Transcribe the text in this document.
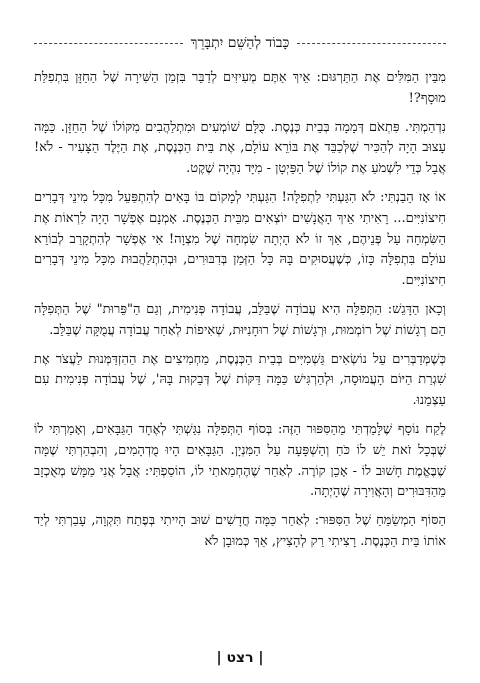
כָּבוֹד לְהַשֵּׁם יִתְבָּרֵךְ

מִבֵּין הַמִּלִּים אֶת הַתַּרְגּוּם: אֵיךְ אַתֶּם מְעִיזִּים לְדַבֵּר בִּזְמַן הַשִּׁירָה שֶׁל הַחַזָּן בִּתְפִלַּת מוּסָף?!

נִדְהַמְתִּי. פִּתְאֹם דְּמָמָה בְּבֵית כְּנֶסֶת. כֻּלָּם שׁוֹמְעִים וּמִתְלַהֲבִים מִקּוֹלוֹ שֶׁל הַחַזָּן. כַּמָּה עָצוּב הָיָה לְהַכִּיר שֶׁלְּכַבֵּד אֶת בּוֹרֵא עוֹלָם, אֶת בֵּית הַכְּנֶסֶת, אֶת הַיֶּלֶד הַצָּעִיר - לֹא! אֲבָל כְּדֵי לִשְׁמֹעַ אֶת קוֹלוֹ שֶׁל הַפַּיְטָן - מִיָּד נִהְיָה שֶׁקֶט.

אוֹ אָז הֵבַנְתִּי: לֹא הִגַּעְתִּי לִתְפִלָּה! הִגַּעְתִּי לְמָקוֹם בּוֹ בָּאִים לְהִתְפַּעֵל מִכָּל מִינֵי דְּבָרִים חִיצוֹנִיִּים... רָאִיתִי אֵיךְ הָאֲנָשִׁים יוֹצְאִים מִבֵּית הַכְּנֶסֶת. אָמְנָם אֶפְשָׁר הָיָה לִרְאוֹת אֶת הַשִּׂמְחָה עַל פְּנֵיהֶם, אַךְ זוֹ לֹא הָיְתָה שִׂמְחָה שֶׁל מִצְוָה! אִי אֶפְשָׁר לְהִתְקָרֵב לְבוֹרֵא עוֹלָם בִּתְפִלָּה כָּזוֹ, כְּשֶׁעֲסוּקִים בָּהּ כָּל הַזְּמַן בְּדִבּוּרִים, וּבְהִתְלַהֲבוּת מִכָּל מִינֵי דְּבָרִים חִיצוֹנִיִּים.

וְכָאן הַדָּגֵשׁ: הַתְּפִלָּה הִיא עֲבוֹדָה שֶׁבַּלֵּב, עֲבוֹדָה פְּנִימִית, וְגַם הַ"פֵּרוּת" שֶׁל הַתְּפִלָּה הֵם רְגָשׁוֹת שֶׁל רוֹמְמוּת, וּרְגָשׁוֹת שֶׁל רוּחָנִיּוּת, שְׁאִיפוֹת לְאַחַר עֲבוֹדָה עֲמֻקָּה שֶׁבַּלֵּב.

כְּשֶׁמְּדַבְּרִים עַל נוֹשְׂאִים גַּשְׁמִיִּים בְּבֵית הַכְּנֶסֶת, מַחְמִיצִים אֶת הַהִזְדַּמְּנוּת לַעֲצֹר אֶת שִׁגְרַת הַיּוֹם הָעֲמוּסָה, וּלְהַרְגִּישׁ כַּמָּה דַּקּוֹת שֶׁל דְּבֵקוּת בָּהּ', שֶׁל עֲבוֹדָה פְּנִימִית עִם עַצְמֵנוּ.

לֶקַח נוֹסָף שֶׁלָּמַדְתִּי מֵהַסִּפּוּר הַזֶּה: בְּסוֹף הַתְּפִלָּה נִגַּשְׁתִּי לְאֶחָד הַגַּבָּאִים, וְאָמַרְתִּי לוֹ שֶׁבְּכָל זֹאת יֵשׁ לוֹ כֹּחַ וְהַשְׁפָּעָה עַל הַמִּנְיָן. הַגַּבָּאִים הָיוּ מֻדְהָמִים, וְהִבְהַרְתִּי שֶׁמָּה שֶׁבֶּאֱמֶת חָשׁוּב לוֹ - אָכֵן קוֹרֶה. לְאַחַר שֶׁהֶחְמַאתִי לוֹ, הוֹסַפְתִּי: אֲבָל אֲנִי מַמָּשׁ מְאֻכְזָב מֵהַדִּבּוּרִים וְהָאֲוִירָה שֶׁהָיְתָה.

הַסּוֹף הַמְשַׂמֵּחַ שֶׁל הַסִּפּוּר: לְאַחַר כַּמָּה חֳדָשִׁים שׁוּב הָיִיתִי בְּפֶתַח תִּקְוָה, עָבַרְתִּי לְיַד אוֹתוֹ בֵּית הַכְּנֶסֶת. רָצִיתִי רַק לְהָצִיץ, אַךְ כְּמוּבָן לֹא

| רצט |
